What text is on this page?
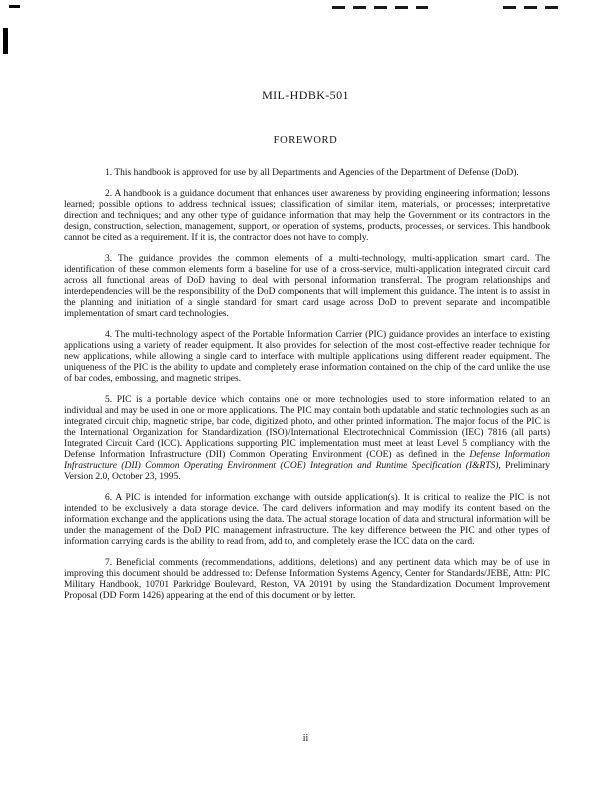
MIL-HDBK-501
FOREWORD

1. This handbook is approved for use by all Departments and Agencies of the Department of Defense (DoD).

2. A handbook is a guidance document that enhances user awareness by providing engineering information; lessons learned; possible options to address technical issues; classification of similar item, materials, or processes; interpretative direction and techniques; and any other type of guidance information that may help the Government or its contractors in the design, construction, selection, management, support, or operation of systems, products, processes, or services. This handbook cannot be cited as a requirement. If it is, the contractor does not have to comply.

3. The guidance provides the common elements of a multi-technology, multi-application smart card. The identification of these common elements form a baseline for use of a cross-service, multi-application integrated circuit card across all functional areas of DoD having to deal with personal information transferral. The program relationships and interdependencies will be the responsibility of the DoD components that will implement this guidance. The intent is to assist in the planning and initiation of a single standard for smart card usage across DoD to prevent separate and incompatible implementation of smart card technologies.

4. The multi-technology aspect of the Portable Information Carrier (PIC) guidance provides an interface to existing applications using a variety of reader equipment. It also provides for selection of the most cost-effective reader technique for new applications, while allowing a single card to interface with multiple applications using different reader equipment. The uniqueness of the PIC is the ability to update and completely erase information contained on the chip of the card unlike the use of bar codes, embossing, and magnetic stripes.

5. PIC is a portable device which contains one or more technologies used to store information related to an individual and may be used in one or more applications. The PIC may contain both updatable and static technologies such as an integrated circuit chip, magnetic stripe, bar code, digitized photo, and other printed information. The major focus of the PIC is the International Organization for Standardization (ISO)/International Electrotechnical Commission (IEC) 7816 (all parts) Integrated Circuit Card (ICC). Applications supporting PIC implementation must meet at least Level 5 compliancy with the Defense Information Infrastructure (DII) Common Operating Environment (COE) as defined in the Defense Information Infrastructure (DII) Common Operating Environment (COE) Integration and Runtime Specification (I&RTS), Preliminary Version 2.0, October 23, 1995.

6. A PIC is intended for information exchange with outside application(s). It is critical to realize the PIC is not intended to be exclusively a data storage device. The card delivers information and may modify its content based on the information exchange and the applications using the data. The actual storage location of data and structural information will be under the management of the DoD PIC management infrastructure. The key difference between the PIC and other types of information carrying cards is the ability to read from, add to, and completely erase the ICC data on the card.

7. Beneficial comments (recommendations, additions, deletions) and any pertinent data which may be of use in improving this document should be addressed to: Defense Information Systems Agency, Center for Standards/JEBE, Attn: PIC Military Handbook, 10701 Parkridge Boulevard, Reston, VA 20191 by using the Standardization Document Improvement Proposal (DD Form 1426) appearing at the end of this document or by letter.

ii
